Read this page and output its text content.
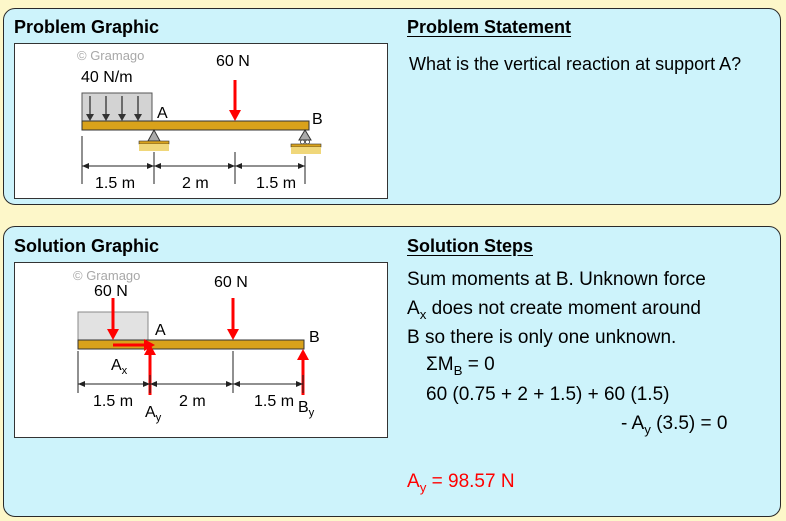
Problem Graphic	Problem Statement
What is the vertical reaction at support A?
© Gramago
40 N/m
60 N
A	B
1.5 m	2 m	1.5 m
Solution Graphic	Solution Steps
© Gramago
60 N
60 N
A	B
$A_x$
$A_y$
$B_y$
1.5 m	2 m	1.5 m
Sum moments at B. Unknown force
$A_x$ does not create moment around
B so there is only one unknown.
$\Sigma M_B = 0$
60 (0.75 + 2 + 1.5) + 60 (1.5)
- $A_y$ (3.5) = 0
$A_y = 98.57$ N
